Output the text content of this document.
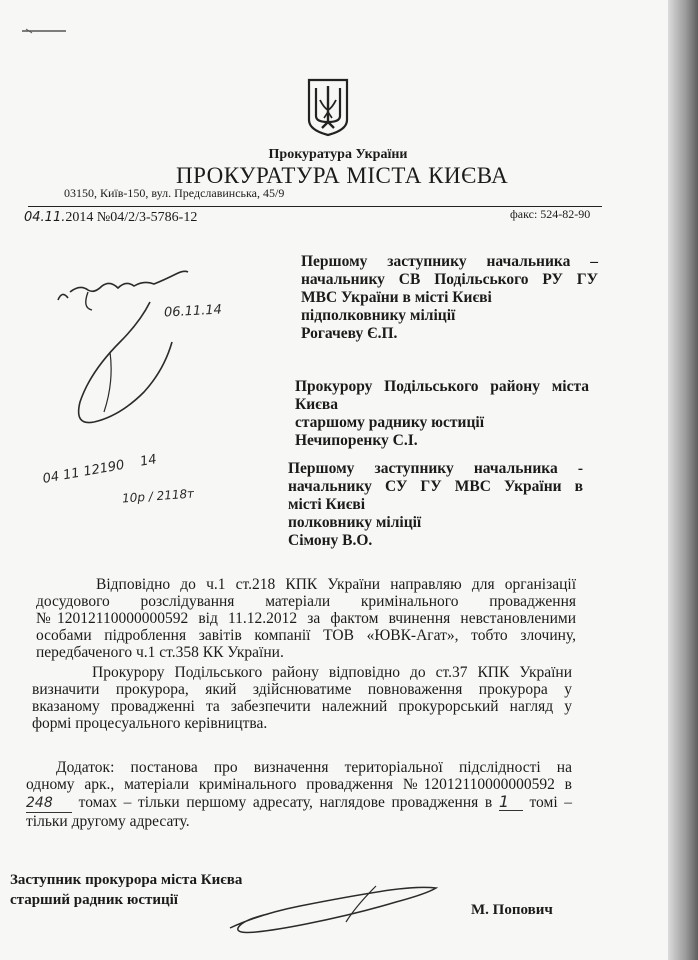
Прокуратура України
ПРОКУРАТУРА МІСТА КИЄВА
03150, Київ-150, вул. Предславинська, 45/9
факс: 524-82-90
04.11.2014 №04/2/3-5786-12
06.11.14
04 11 12190 14
10р / 2118т
Першому заступнику начальника –
начальнику СВ Подільського РУ ГУ
МВС України в місті Києві
підполковнику міліції
Рогачеву Є.П.
Прокурору Подільського району міста
Києва
старшому раднику юстиції
Нечипоренку С.І.
Першому заступнику начальника -
начальнику СУ ГУ МВС України в
місті Києві
полковнику міліції
Сімону В.О.
Відповідно до ч.1 ст.218 КПК України направляю для організації
досудового розслідування матеріали кримінального провадження
№12012110000000592 від 11.12.2012 за фактом вчинення невстановленими
особами підроблення завітів компанії ТОВ «ЮВК-Агат», тобто злочину,
передбаченого ч.1 ст.358 КК України.
Прокурору Подільського району відповідно до ст.37 КПК України
визначити прокурора, який здійснюватиме повноваження прокурора у
вказаному провадженні та забезпечити належний прокурорський нагляд у
формі процесуального керівництва.
Додаток: постанова про визначення територіальної підслідності на
одному арк., матеріали кримінального провадження №12012110000000592 в
248 томах – тільки першому адресату, наглядове провадження в 1 томі –
тільки другому адресату.
Заступник прокурора міста Києва
старший радник юстиції
М. Попович
